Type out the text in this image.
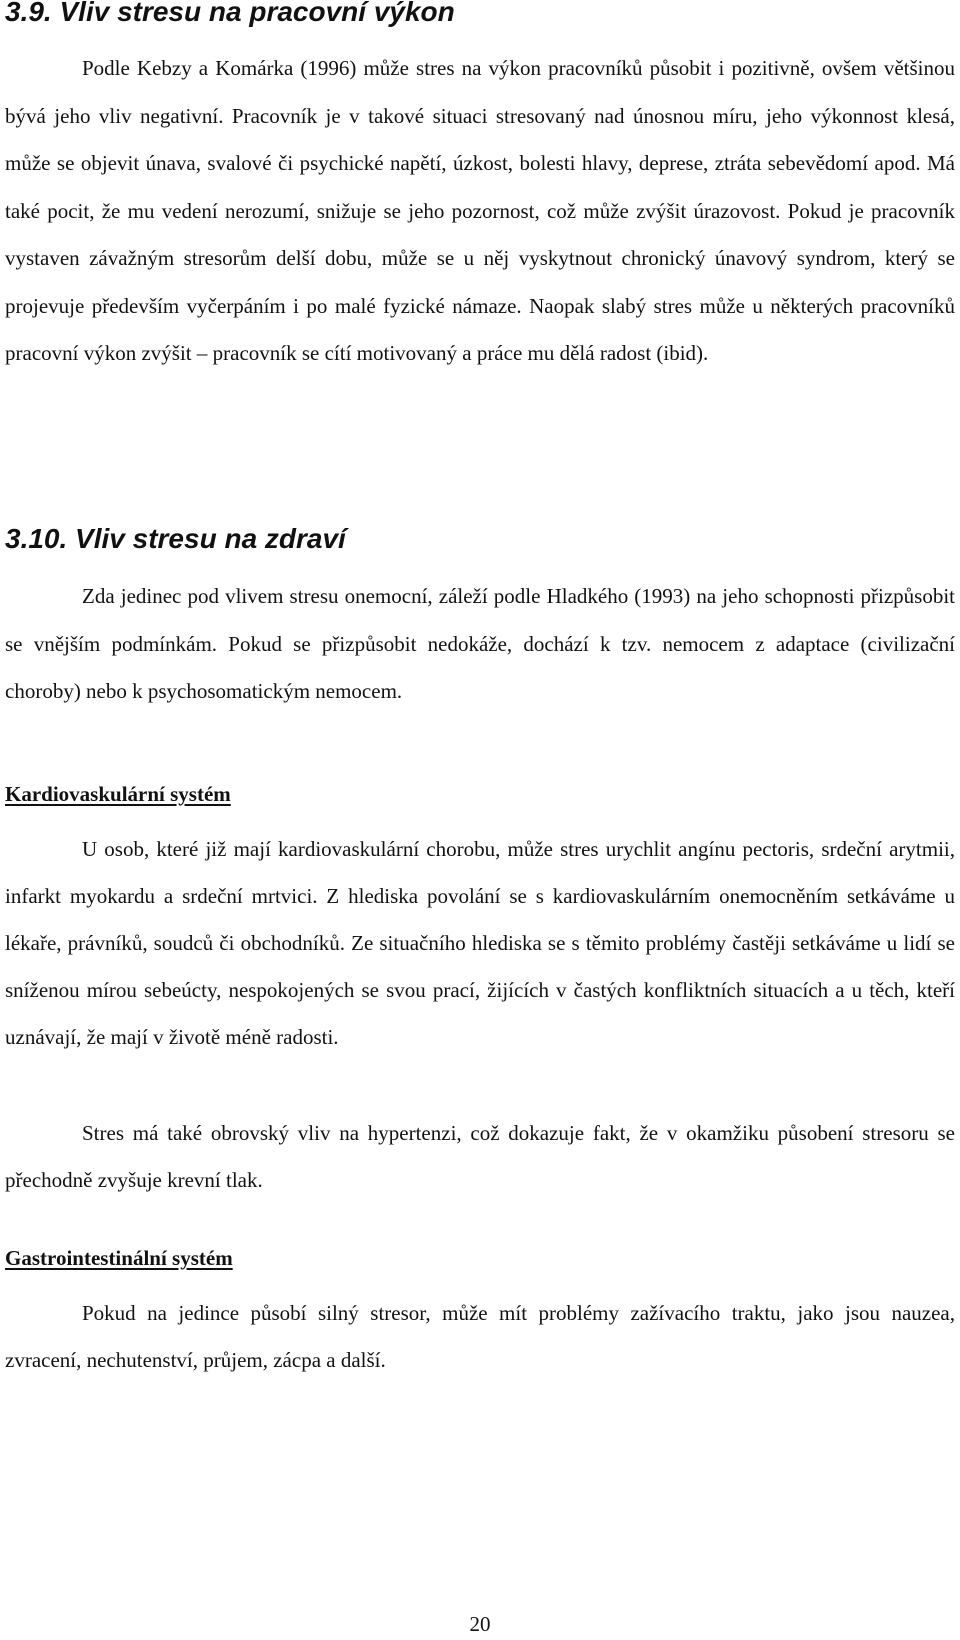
3.9. Vliv stresu na pracovní výkon

Podle Kebzy a Komárka (1996) může stres na výkon pracovníků působit i pozitivně, ovšem většinou bývá jeho vliv negativní. Pracovník je v takové situaci stresovaný nad únosnou míru, jeho výkonnost klesá, může se objevit únava, svalové či psychické napětí, úzkost, bolesti hlavy, deprese, ztráta sebevědomí apod. Má také pocit, že mu vedení nerozumí, snižuje se jeho pozornost, což může zvýšit úrazovost. Pokud je pracovník vystaven závažným stresorům delší dobu, může se u něj vyskytnout chronický únavový syndrom, který se projevuje především vyčerpáním i po malé fyzické námaze. Naopak slabý stres může u některých pracovníků pracovní výkon zvýšit – pracovník se cítí motivovaný a práce mu dělá radost (ibid).

3.10. Vliv stresu na zdraví

Zda jedinec pod vlivem stresu onemocní, záleží podle Hladkého (1993) na jeho schopnosti přizpůsobit se vnějším podmínkám. Pokud se přizpůsobit nedokáže, dochází k tzv. nemocem z adaptace (civilizační choroby) nebo k psychosomatickým nemocem.

Kardiovaskulární systém

U osob, které již mají kardiovaskulární chorobu, může stres urychlit angínu pectoris, srdeční arytmii, infarkt myokardu a srdeční mrtvici. Z hlediska povolání se s kardiovaskulárním onemocněním setkáváme u lékaře, právníků, soudců či obchodníků. Ze situačního hlediska se s těmito problémy častěji setkáváme u lidí se sníženou mírou sebeúcty, nespokojených se svou prací, žijících v častých konfliktních situacích a u těch, kteří uznávají, že mají v životě méně radosti.

Stres má také obrovský vliv na hypertenzi, což dokazuje fakt, že v okamžiku působení stresoru se přechodně zvyšuje krevní tlak.

Gastrointestinální systém

Pokud na jedince působí silný stresor, může mít problémy zažívacího traktu, jako jsou nauzea, zvracení, nechutenství, průjem, zácpa a další.

20
